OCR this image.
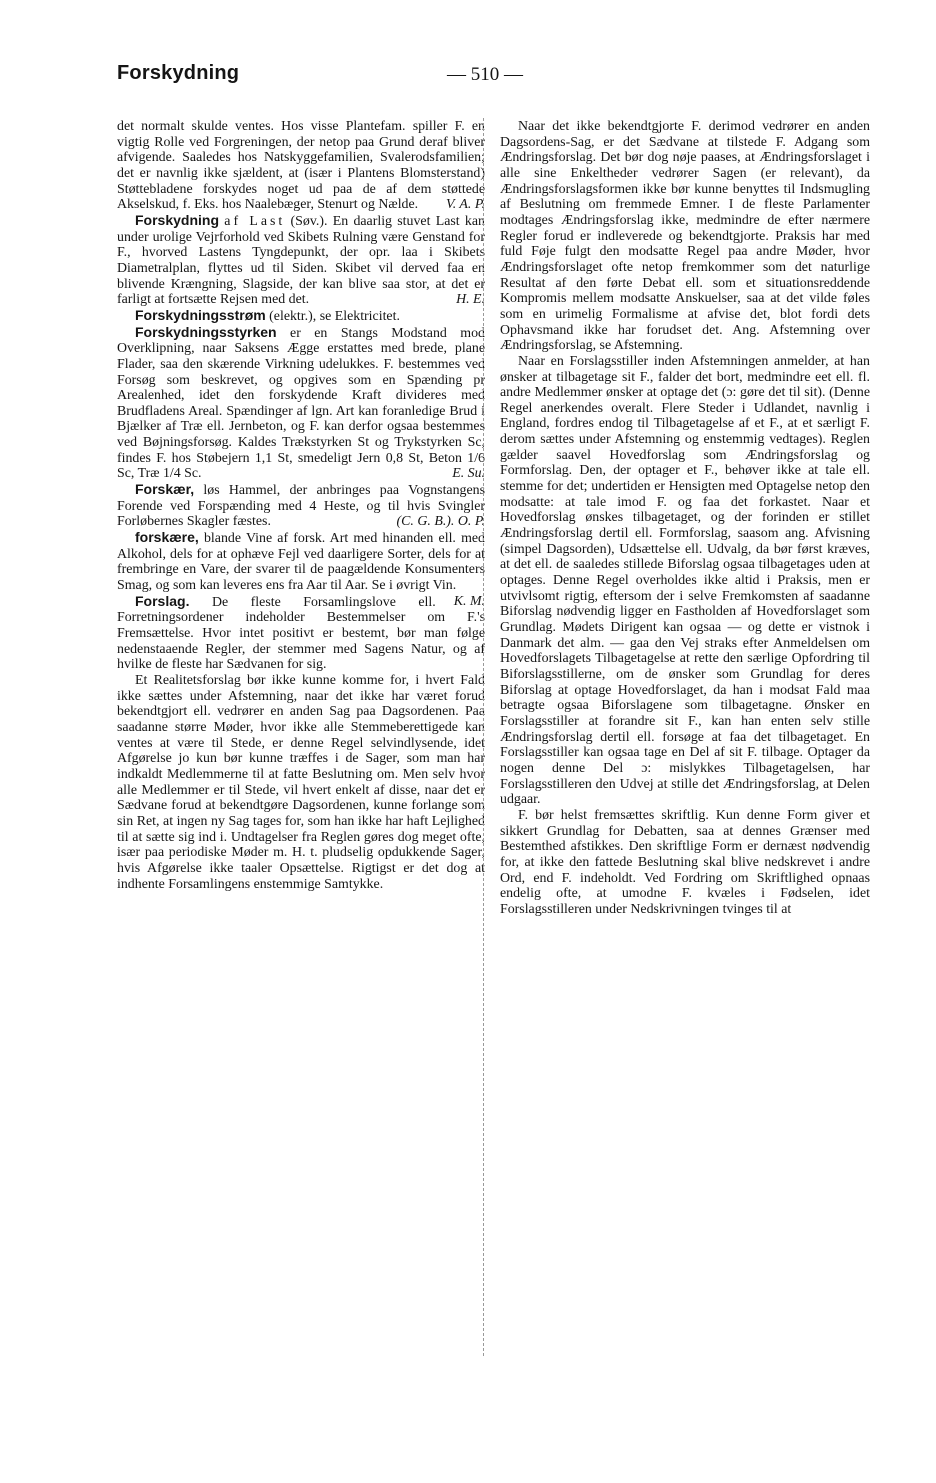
Forskydning	— 510 —

det normalt skulde ventes. Hos visse Plantefam. spiller F. en vigtig Rolle ved Forgreningen, der netop paa Grund deraf bliver afvigende. Saaledes hos Natskyggefamilien, Svalerodsfamilien; det er navnlig ikke sjældent, at (især i Plantens Blomsterstand) Støttebladene forskydes noget ud paa de af dem støttede Akselskud, f. Eks. hos Naalebæger, Stenurt og Nælde. V. A. P.

Forskydning af Last (Søv.). En daarlig stuvet Last kan under urolige Vejrforhold ved Skibets Rulning være Genstand for F., hvorved Lastens Tyngdepunkt, der opr. laa i Skibets Diametralplan, flyttes ud til Siden. Skibet vil derved faa en blivende Krængning, Slagside, der kan blive saa stor, at det er farligt at fortsætte Rejsen med det.	H. E.

Forskydningsstrøm (elektr.), se Elektricitet.

Forskydningsstyrken er en Stangs Modstand mod Overklipning, naar Saksens Ægge erstattes med brede, plane Flader, saa den skærende Virkning udelukkes. F. bestemmes ved Forsøg som beskrevet, og opgives som en Spænding pr Arealenhed, idet den forskydende Kraft divideres med Brudfladens Areal. Spændinger af lgn. Art kan foranledige Brud i Bjælker af Træ ell. Jernbeton, og F. kan derfor ogsaa bestemmes ved Bøjningsforsøg. Kaldes Trækstyrken St og Trykstyrken Sc, findes F. hos Støbejern 1,1 St, smedeligt Jern 0,8 St, Beton 1/6 Sc, Træ 1/4 Sc.	E. Su.

Forskær, løs Hammel, der anbringes paa Vognstangens Forende ved Forspænding med 4 Heste, og til hvis Svingler Forløbernes Skagler fæstes.	(C. G. B.). O. P.

forskære, blande Vine af forsk. Art med hinanden ell. med Alkohol, dels for at ophæve Fejl ved daarligere Sorter, dels for at frembringe en Vare, der svarer til de paagældende Konsumenters Smag, og som kan leveres ens fra Aar til Aar. Se i øvrigt Vin.
K. M.

Forslag. De fleste Forsamlingslove ell. Forretningsordener indeholder Bestemmelser om F.'s Fremsættelse. Hvor intet positivt er bestemt, bør man følge nedenstaaende Regler, der stemmer med Sagens Natur, og af hvilke de fleste har Sædvanen for sig.

Et Realitetsforslag bør ikke kunne komme for, i hvert Fald ikke sættes under Afstemning, naar det ikke har været forud bekendtgjort ell. vedrører en anden Sag paa Dagsordenen. Paa saadanne større Møder, hvor ikke alle Stemmeberettigede kan ventes at være til Stede, er denne Regel selvindlysende, idet Afgørelse jo kun bør kunne træffes i de Sager, som man har indkaldt Medlemmerne til at fatte Beslutning om. Men selv hvor alle Medlemmer er til Stede, vil hvert enkelt af disse, naar det er Sædvane forud at bekendtgøre Dagsordenen, kunne forlange som sin Ret, at ingen ny Sag tages for, som han ikke har haft Lejlighed til at sætte sig ind i. Undtagelser fra Reglen gøres dog meget ofte, især paa periodiske Møder m. H. t. pludselig opdukkende Sager, hvis Afgørelse ikke taaler Opsættelse. Rigtigst er det dog at indhente Forsamlingens enstemmige Samtykke.

Naar det ikke bekendtgjorte F. derimod vedrører en anden Dagsordens-Sag, er det Sædvane at tilstede F. Adgang som Ændringsforslag. Det bør dog nøje paases, at Ændringsforslaget i alle sine Enkeltheder vedrører Sagen (er relevant), da Ændringsforslagsformen ikke bør kunne benyttes til Indsmugling af Beslutning om fremmede Emner. I de fleste Parlamenter modtages Ændringsforslag ikke, medmindre de efter nærmere Regler forud er indleverede og bekendtgjorte. Praksis har med fuld Føje fulgt den modsatte Regel paa andre Møder, hvor Ændringsforslaget ofte netop fremkommer som det naturlige Resultat af den førte Debat ell. som et situationsreddende Kompromis mellem modsatte Anskuelser, saa at det vilde føles som en urimelig Formalisme at afvise det, blot fordi dets Ophavsmand ikke har forudset det. Ang. Afstemning over Ændringsforslag, se Afstemning.

Naar en Forslagsstiller inden Afstemningen anmelder, at han ønsker at tilbagetage sit F., falder det bort, medmindre eet ell. fl. andre Medlemmer ønsker at optage det (ɔ: gøre det til sit). (Denne Regel anerkendes overalt. Flere Steder i Udlandet, navnlig i England, fordres endog til Tilbagetagelse af et F., at et særligt F. derom sættes under Afstemning og enstemmig vedtages). Reglen gælder saavel Hovedforslag som Ændringsforslag og Formforslag. Den, der optager et F., behøver ikke at tale ell. stemme for det; undertiden er Hensigten med Optagelse netop den modsatte: at tale imod F. og faa det forkastet. Naar et Hovedforslag ønskes tilbagetaget, og der forinden er stillet Ændringsforslag dertil ell. Formforslag, saasom ang. Afvisning (simpel Dagsorden), Udsættelse ell. Udvalg, da bør først kræves, at det ell. de saaledes stillede Biforslag ogsaa tilbagetages uden at optages. Denne Regel overholdes ikke altid i Praksis, men er utvivlsomt rigtig, eftersom der i selve Fremkomsten af saadanne Biforslag nødvendig ligger en Fastholden af Hovedforslaget som Grundlag. Mødets Dirigent kan ogsaa — og dette er vistnok i Danmark det alm. — gaa den Vej straks efter Anmeldelsen om Hovedforslagets Tilbagetagelse at rette den særlige Opfordring til Biforslagsstillerne, om de ønsker som Grundlag for deres Biforslag at optage Hovedforslaget, da han i modsat Fald maa betragte ogsaa Biforslagene som tilbagetagne. Ønsker en Forslagsstiller at forandre sit F., kan han enten selv stille Ændringsforslag dertil ell. forsøge at faa det tilbagetaget. En Forslagsstiller kan ogsaa tage en Del af sit F. tilbage. Optager da nogen denne Del ɔ: mislykkes Tilbagetagelsen, har Forslagsstilleren den Udvej at stille det Ændringsforslag, at Delen udgaar.

F. bør helst fremsættes skriftlig. Kun denne Form giver et sikkert Grundlag for Debatten, saa at dennes Grænser med Bestemthed afstikkes. Den skriftlige Form er dernæst nødvendig for, at ikke den fattede Beslutning skal blive nedskrevet i andre Ord, end F. indeholdt. Ved Fordring om Skriftlighed opnaas endelig ofte, at umodne F. kvæles i Fødselen, idet Forslagsstilleren under Nedskrivningen tvinges til at
